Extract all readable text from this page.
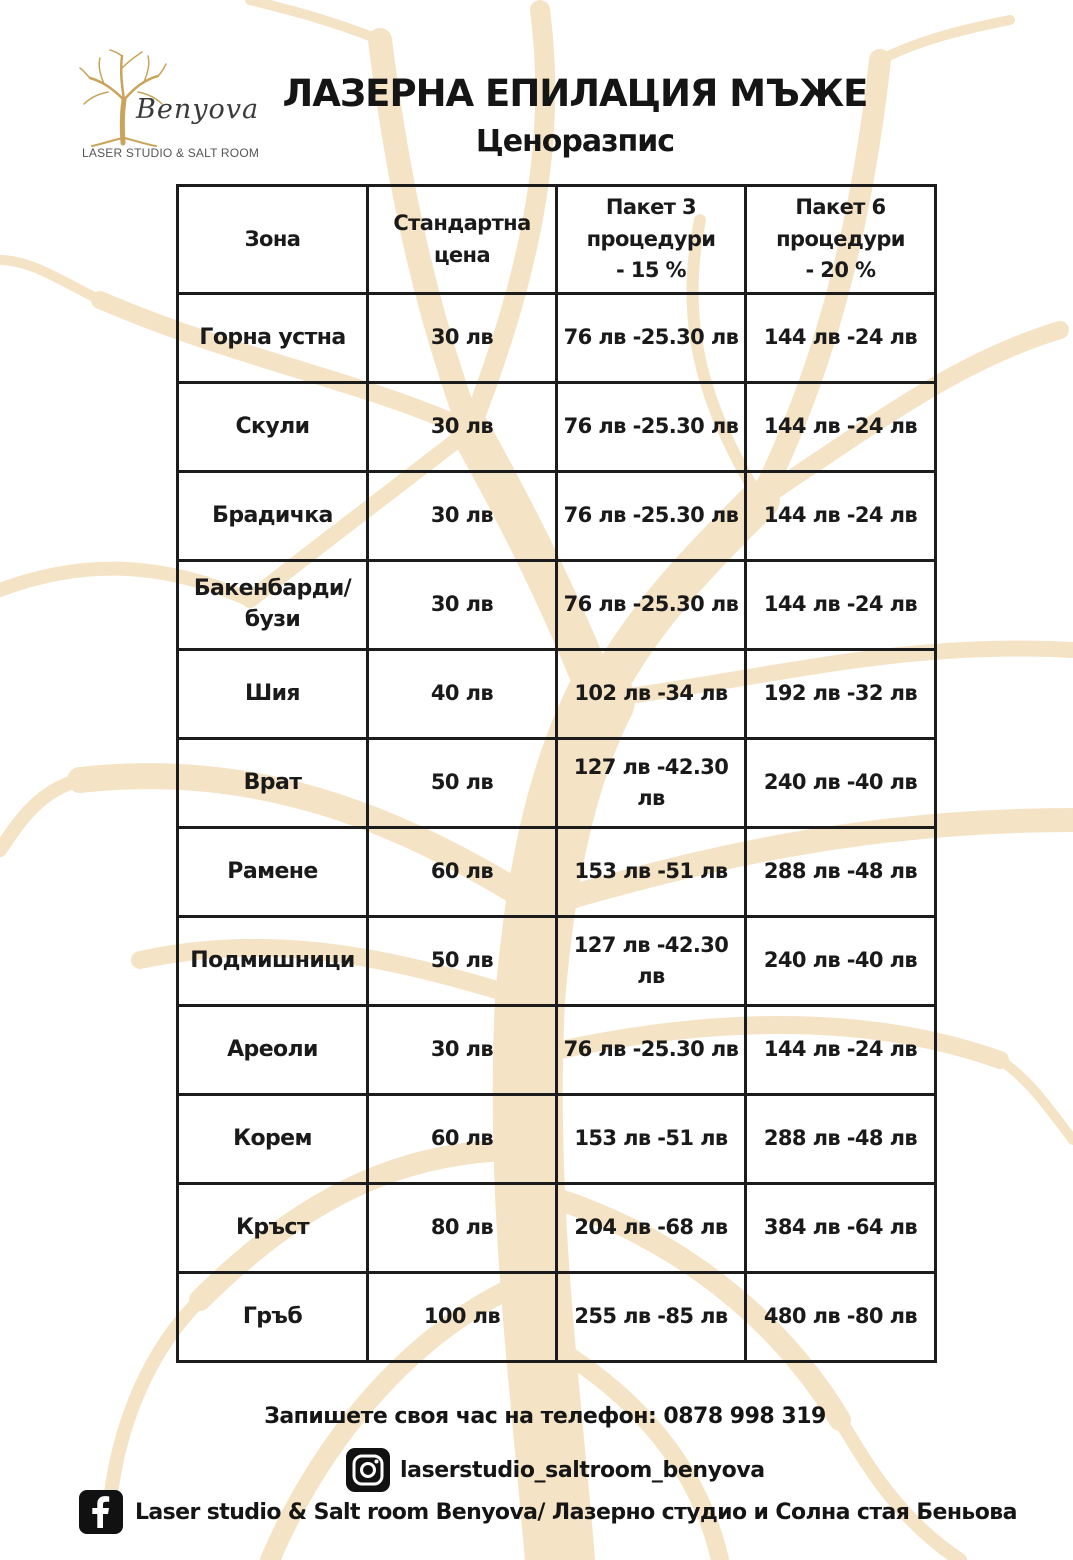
Benyova
LASER STUDIO & SALT ROOM
ЛАЗЕРНА ЕПИЛАЦИЯ МЪЖЕ
Ценоразпис
Зона	Стандартна цена	Пакет 3 процедури - 15 %	Пакет 6 процедури - 20 %
Горна устна	30 лв	76 лв -25.30 лв	144 лв -24 лв
Скули	30 лв	76 лв -25.30 лв	144 лв -24 лв
Брадичка	30 лв	76 лв -25.30 лв	144 лв -24 лв
Бакенбарди/ бузи	30 лв	76 лв -25.30 лв	144 лв -24 лв
Шия	40 лв	102 лв -34 лв	192 лв -32 лв
Врат	50 лв	127 лв -42.30 лв	240 лв -40 лв
Рамене	60 лв	153 лв -51 лв	288 лв -48 лв
Подмишници	50 лв	127 лв -42.30 лв	240 лв -40 лв
Ареоли	30 лв	76 лв -25.30 лв	144 лв -24 лв
Корем	60 лв	153 лв -51 лв	288 лв -48 лв
Кръст	80 лв	204 лв -68 лв	384 лв -64 лв
Гръб	100 лв	255 лв -85 лв	480 лв -80 лв
Запишете своя час на телефон: 0878 998 319
laserstudio_saltroom_benyova
Laser studio & Salt room Benyova/ Лазерно студио и Солна стая Беньова
